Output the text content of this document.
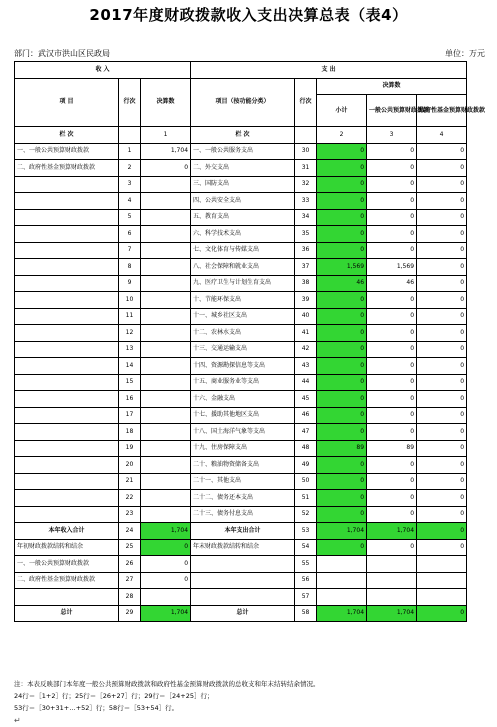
2017年度财政拨款收入支出决算总表（表4）
部门：武汉市洪山区民政局	单位：万元
收 入			支 出				
项 目	行次	决算数	项目（按功能分类）	行次	决算数		
					小计	一般公共预算财政拨款	政府性基金预算财政拨款
栏 次		1	栏 次		2	3	4
一、一般公共预算财政拨款	1	1,704	一、一般公共服务支出	30	0	0	0
二、政府性基金预算财政拨款	2	0	二、外交支出	31	0	0	0
	3		三、国防支出	32	0	0	0
	4		四、公共安全支出	33	0	0	0
	5		五、教育支出	34	0	0	0
	6		六、科学技术支出	35	0	0	0
	7		七、文化体育与传媒支出	36	0	0	0
	8		八、社会保障和就业支出	37	1,569	1,569	0
	9		九、医疗卫生与计划生育支出	38	46	46	0
	10		十、节能环保支出	39	0	0	0
	11		十一、城乡社区支出	40	0	0	0
	12		十二、农林水支出	41	0	0	0
	13		十三、交通运输支出	42	0	0	0
	14		十四、资源勘探信息等支出	43	0	0	0
	15		十五、商业服务业等支出	44	0	0	0
	16		十六、金融支出	45	0	0	0
	17		十七、援助其他地区支出	46	0	0	0
	18		十八、国土海洋气象等支出	47	0	0	0
	19		十九、住房保障支出	48	89	89	0
	20		二十、粮油物资储备支出	49	0	0	0
	21		二十一、其他支出	50	0	0	0
	22		二十二、债务还本支出	51	0	0	0
	23		二十三、债务付息支出	52	0	0	0
本年收入合计	24	1,704	本年支出合计	53	1,704	1,704	0
年初财政拨款结转和结余	25	0	年末财政拨款结转和结余	54	0	0	0
一、一般公共预算财政拨款	26	0		55			
二、政府性基金预算财政拨款	27	0		56			
	28			57			
总计	29	1,704	总计	58	1,704	1,704	0
注：本表反映部门本年度一般公共预算财政拨款和政府性基金预算财政拨款的总收支和年末结转结余情况。
24行＝［1+2］行；25行＝［26+27］行；29行＝［24+25］行；
53行＝［30+31+…+52］行；58行＝［53+54］行。
↵
